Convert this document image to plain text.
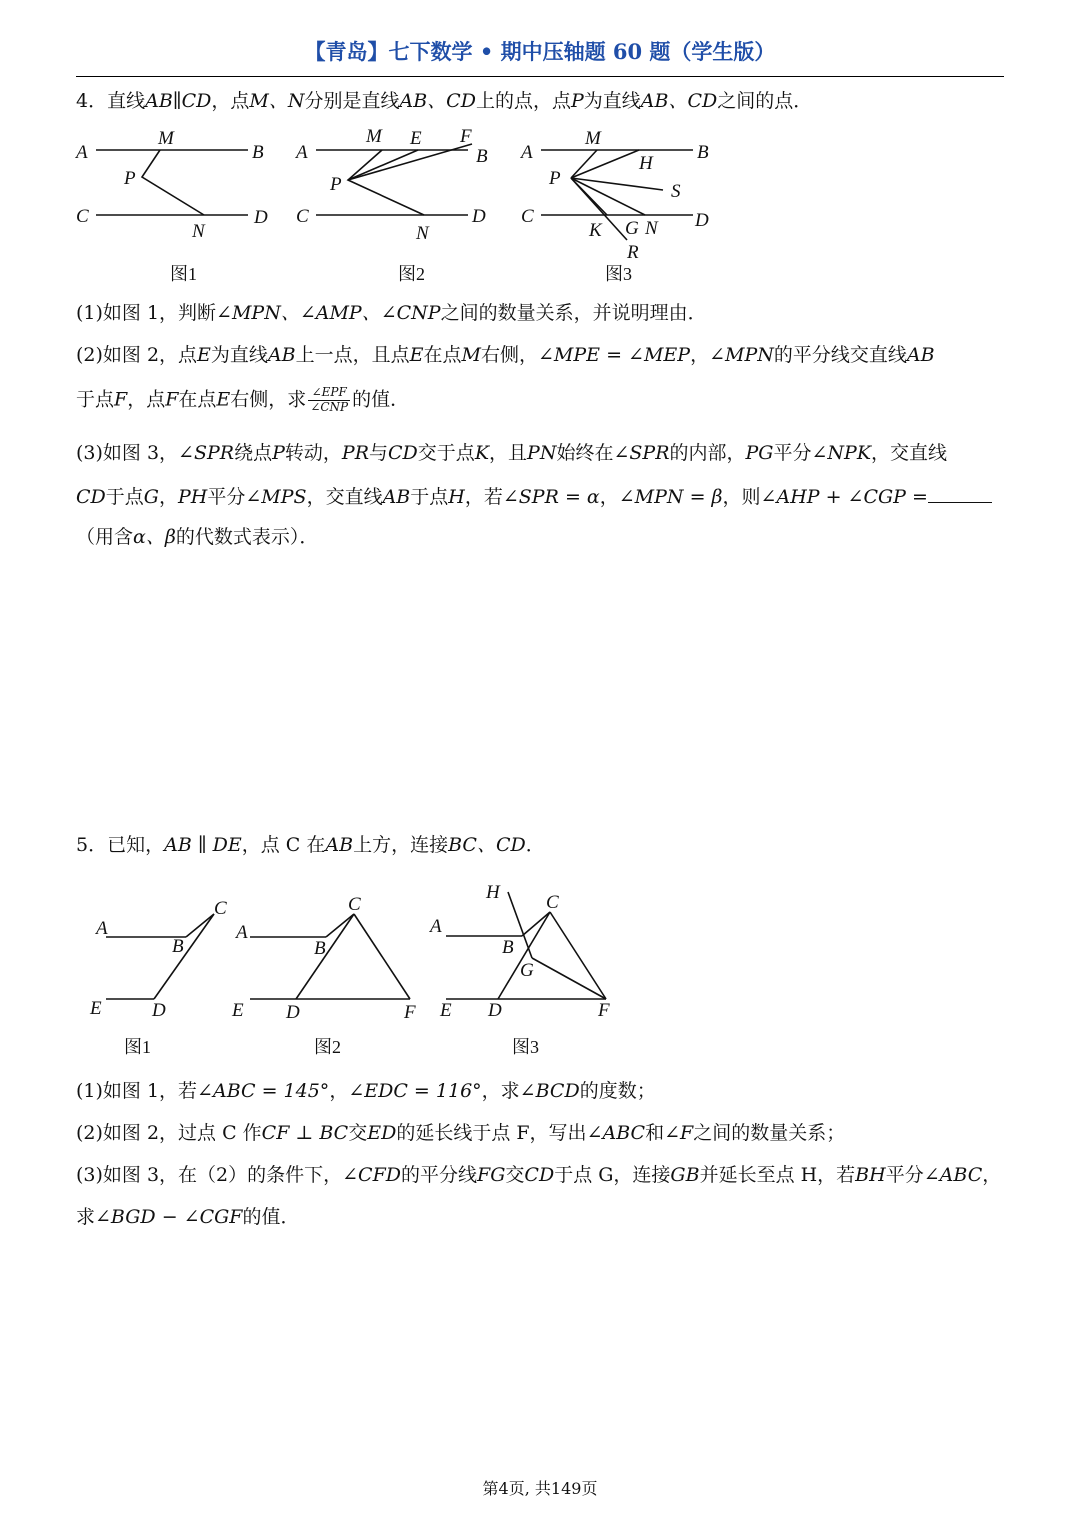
【青岛】七下数学 • 期中压轴题 60 题（学生版）
4．直线AB∥CD，点M、N分别是直线AB、CD上的点，点P为直线AB、CD之间的点．
A
M
B
P
C
N
D
图1
A
M E F
B
P
C
N
D
图2
A
M
H
B
P
S
C
K G N D
R
图3
(1)如图 1，判断∠MPN、∠AMP、∠CNP之间的数量关系，并说明理由．
(2)如图 2，点E为直线AB上一点，且点E在点M右侧，∠MPE = ∠MEP，∠MPN的平分线交直线AB
于点F，点F在点E右侧，求 $\frac{\text{∠EPF}}{\text{∠CNP}}$ 的值．
(3)如图 3，∠SPR绕点P转动，PR与CD交于点K，且PN始终在∠SPR的内部，PG平分∠NPK，交直线
CD于点G，PH平分∠MPS，交直线AB于点H，若∠SPR = α，∠MPN = β，则∠AHP + ∠CGP =
（用含α、β的代数式表示）．
5．已知，AB ∥ DE，点 C 在AB上方，连接BC、CD．
A
B
C
E	D
图1
A
B
C
E D	F
图2
H C
A
B
G
E D	F
图3
(1)如图 1，若∠ABC = 145°，∠EDC = 116°，求∠BCD的度数；
(2)如图 2，过点 C 作CF ⊥ BC交ED的延长线于点 F，写出∠ABC和∠F之间的数量关系；
(3)如图 3，在（2）的条件下，∠CFD的平分线FG交CD于点 G，连接GB并延长至点 H，若BH平分∠ABC，
求∠BGD − ∠CGF的值．
第4页, 共149页
